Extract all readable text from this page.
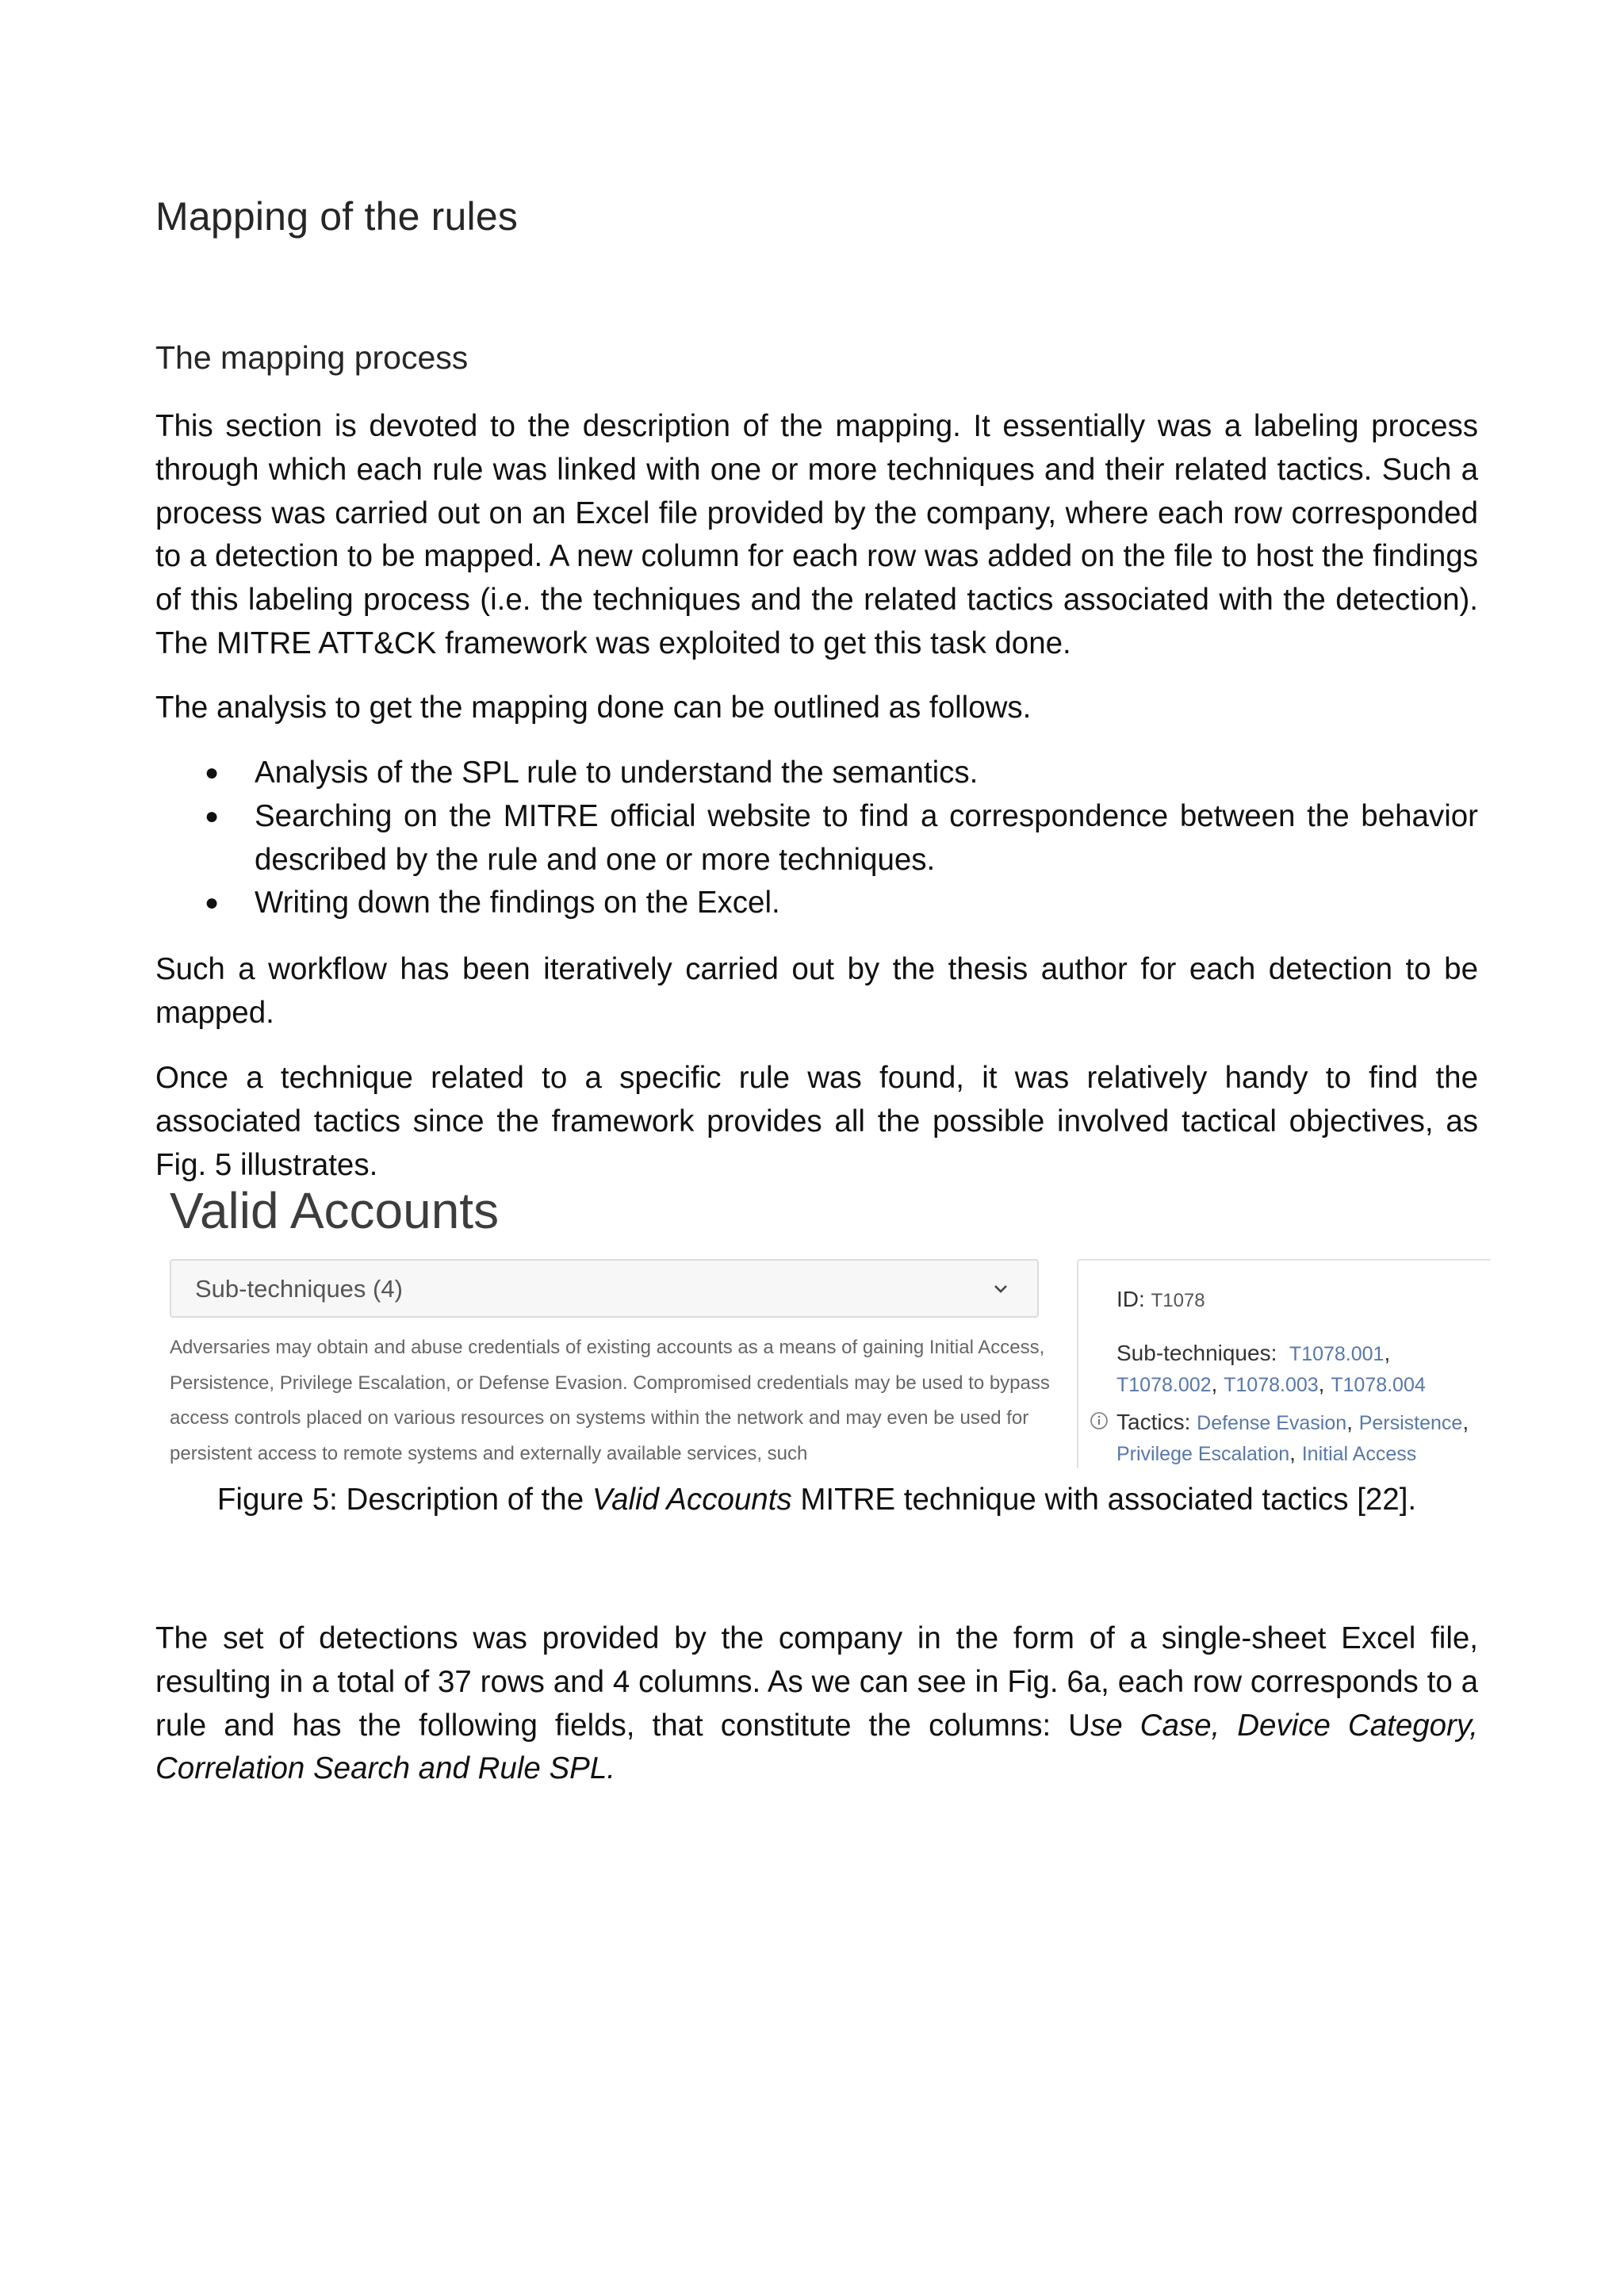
Mapping of the rules
The mapping process

This section is devoted to the description of the mapping. It essentially was a labeling process through which each rule was linked with one or more techniques and their related tactics. Such a process was carried out on an Excel file provided by the company, where each row corresponded to a detection to be mapped. A new column for each row was added on the file to host the findings of this labeling process (i.e. the techniques and the related tactics associated with the detection). The MITRE ATT&CK framework was exploited to get this task done.

The analysis to get the mapping done can be outlined as follows.

● Analysis of the SPL rule to understand the semantics.
● Searching on the MITRE official website to find a correspondence between the behavior described by the rule and one or more techniques.
● Writing down the findings on the Excel.

Such a workflow has been iteratively carried out by the thesis author for each detection to be mapped.

Once a technique related to a specific rule was found, it was relatively handy to find the associated tactics since the framework provides all the possible involved tactical objectives, as Fig. 5 illustrates.

Valid Accounts
Sub-techniques (4)

Adversaries may obtain and abuse credentials of existing accounts as a means of gaining Initial Access, Persistence, Privilege Escalation, or Defense Evasion. Compromised credentials may be used to bypass access controls placed on various resources on systems within the network and may even be used for persistent access to remote systems and externally available services, such

ID: T1078
Sub-techniques: T1078.001, T1078.002, T1078.003, T1078.004
Tactics: Defense Evasion, Persistence, Privilege Escalation, Initial Access
Figure 5: Description of the Valid Accounts MITRE technique with associated tactics [22].

The set of detections was provided by the company in the form of a single-sheet Excel file, resulting in a total of 37 rows and 4 columns. As we can see in Fig. 6a, each row corresponds to a rule and has the following fields, that constitute the columns: Use Case, Device Category, Correlation Search and Rule SPL.
